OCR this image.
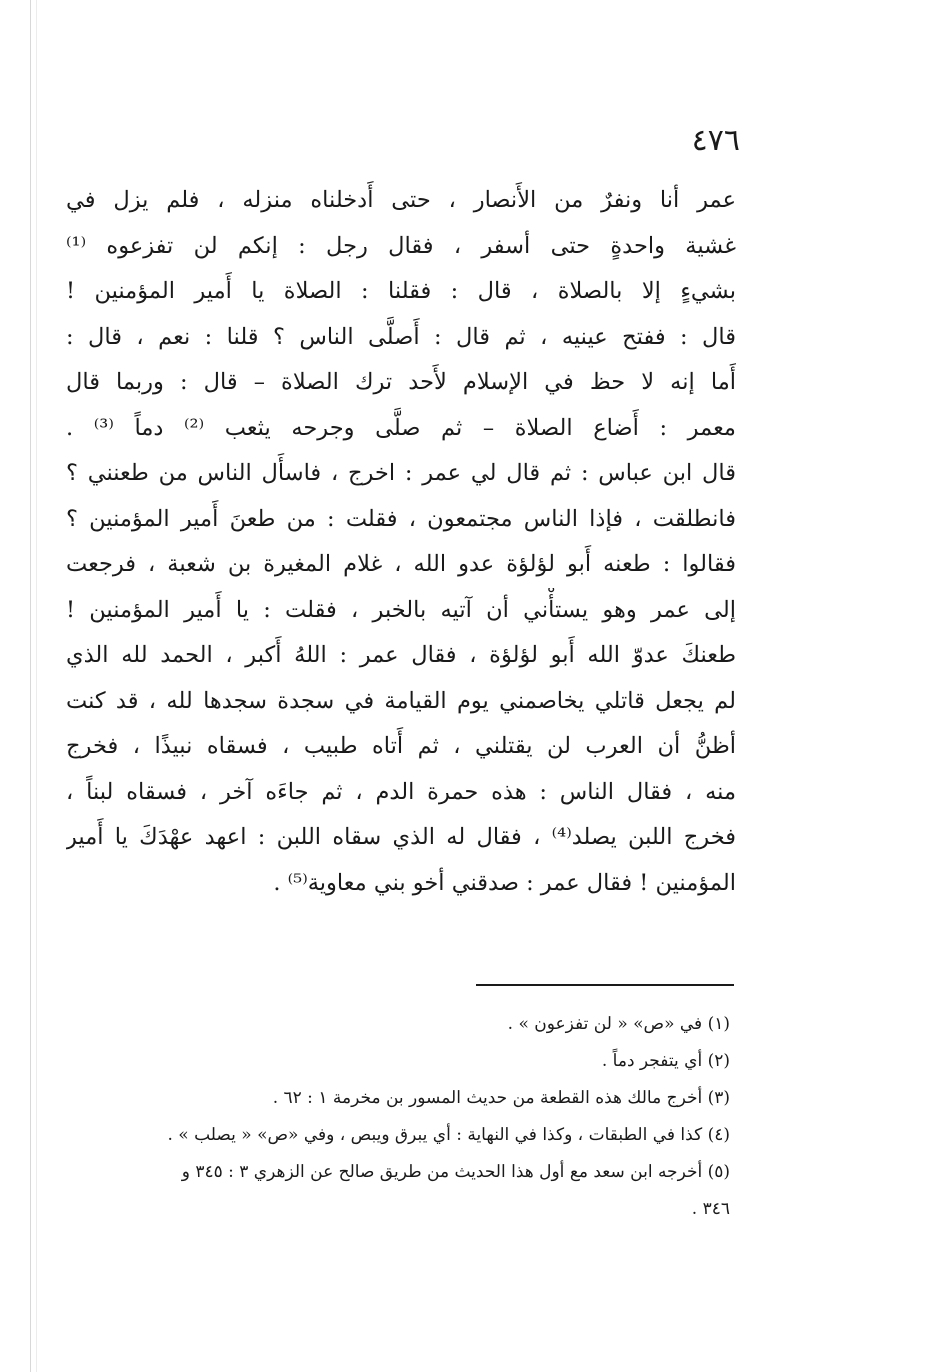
٤٧٦
عمر أنا ونفرٌ من الأَنصار ، حتى أَدخلناه منزله ، فلم يزل في
غشية واحدةٍ حتى أسفر ، فقال رجل : إنكم لن تفزعوه ⁽¹⁾
بشيءٍ إلا بالصلاة ، قال : فقلنا : الصلاة يا أَمير المؤمنين !
قال : ففتح عينيه ، ثم قال : أَصلَّى الناس ؟ قلنا : نعم ، قال :
أَما إنه لا حظ في الإسلام لأَحد ترك الصلاة – قال : وربما قال
معمر : أَضاع الصلاة – ثم صلَّى وجرحه يثعب ⁽²⁾ دماً ⁽³⁾ .
قال ابن عباس : ثم قال لي عمر : اخرج ، فاسأَل الناس من طعنني ؟
فانطلقت ، فإذا الناس مجتمعون ، فقلت : من طعنَ أَمير المؤمنين ؟
فقالوا : طعنه أَبو لؤلؤة عدو الله ، غلام المغيرة بن شعبة ، فرجعت
إلى عمر وهو يستأْني أن آتيه بالخبر ، فقلت : يا أَمير المؤمنين !
طعنكَ عدوّ الله أَبو لؤلؤة ، فقال عمر : اللهُ أَكبر ، الحمد لله الذي
لم يجعل قاتلي يخاصمني يوم القيامة في سجدة سجدها لله ، قد كنت
أظنُّ أن العرب لن يقتلني ، ثم أَتاه طبيب ، فسقاه نبيذًا ، فخرج
منه ، فقال الناس : هذه حمرة الدم ، ثم جاءَه آخر ، فسقاه لبناً ،
فخرج اللبن يصلد⁽⁴⁾ ، فقال له الذي سقاه اللبن : اعهد عهْدَكَ يا أَمير
المؤمنين ! فقال عمر : صدقني أخو بني معاوية⁽⁵⁾ .
(١) في «ص» « لن تفزعون » .
(٢) أي يتفجر دماً .
(٣) أخرج مالك هذه القطعة من حديث المسور بن مخرمة ١ : ٦٢ .
(٤) كذا في الطبقات ، وكذا في النهاية : أي يبرق ويبص ، وفي «ص» « يصلب » .
(٥) أخرجه ابن سعد مع أول هذا الحديث من طريق صالح عن الزهري ٣ : ٣٤٥ و
٣٤٦ .
